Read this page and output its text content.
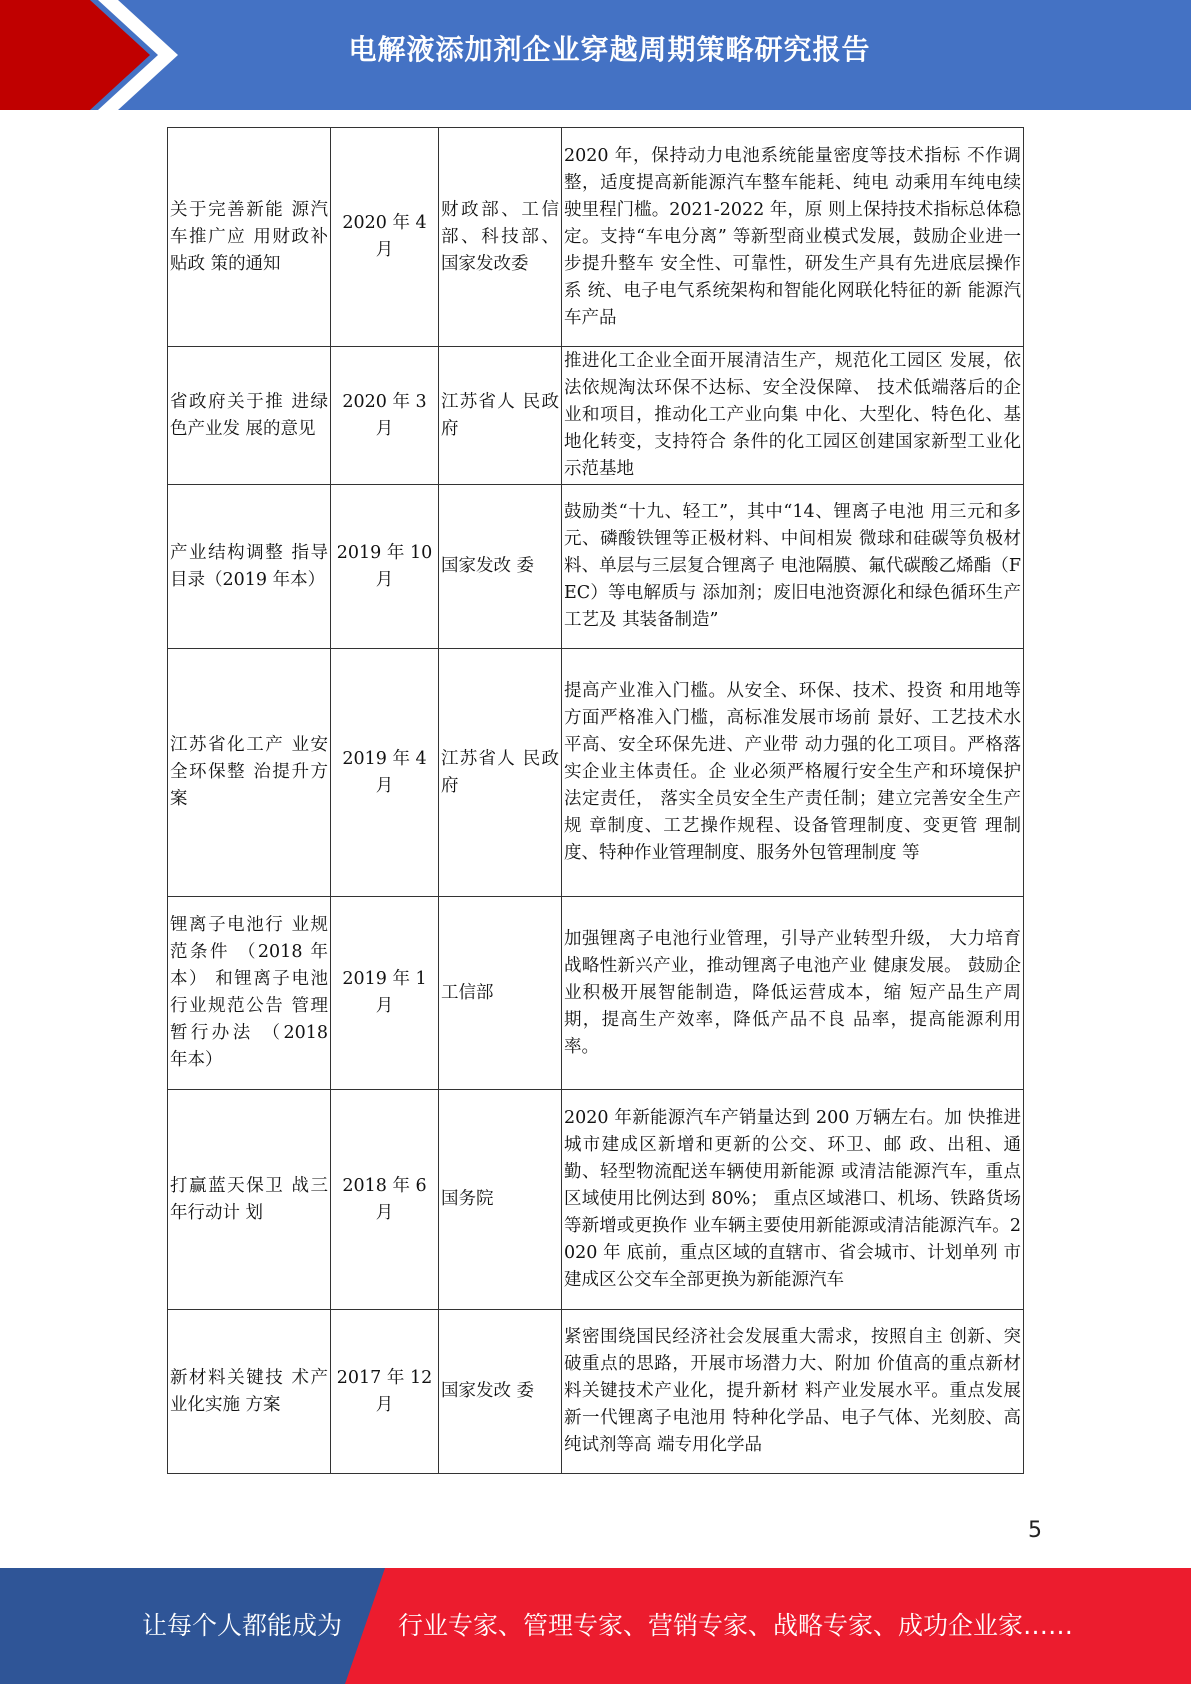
电解液添加剂企业穿越周期策略研究报告
关于完善新能 源汽车推广应 用财政补贴政 策的通知	2020 年 4 月	财政部、工信部、科技部、国家发改委	2020 年，保持动力电池系统能量密度等技术指标 不作调整，适度提高新能源汽车整车能耗、纯电 动乘用车纯电续驶里程门槛。2021-2022 年，原 则上保持技术指标总体稳定。支持“车电分离” 等新型商业模式发展，鼓励企业进一步提升整车 安全性、可靠性，研发生产具有先进底层操作系 统、电子电气系统架构和智能化网联化特征的新 能源汽车产品
省政府关于推 进绿色产业发 展的意见	2020 年 3 月	江苏省人 民政府	推进化工企业全面开展清洁生产，规范化工园区 发展，依法依规淘汰环保不达标、安全没保障、 技术低端落后的企业和项目，推动化工产业向集 中化、大型化、特色化、基地化转变，支持符合 条件的化工园区创建国家新型工业化示范基地
产业结构调整 指导目录（2019 年本）	2019 年 10 月	国家发改 委	鼓励类“十九、轻工”，其中“14、锂离子电池 用三元和多元、磷酸铁锂等正极材料、中间相炭 微球和硅碳等负极材料、单层与三层复合锂离子 电池隔膜、氟代碳酸乙烯酯（FEC）等电解质与 添加剂；废旧电池资源化和绿色循环生产工艺及 其装备制造”
江苏省化工产 业安全环保整 治提升方案	2019 年 4 月	江苏省人 民政府	提高产业准入门槛。从安全、环保、技术、投资 和用地等方面严格准入门槛，高标准发展市场前 景好、工艺技术水平高、安全环保先进、产业带 动力强的化工项目。严格落实企业主体责任。企 业必须严格履行安全生产和环境保护法定责任， 落实全员安全生产责任制；建立完善安全生产规 章制度、工艺操作规程、设备管理制度、变更管 理制度、特种作业管理制度、服务外包管理制度 等
锂离子电池行 业规范条件 （2018 年本） 和锂离子电池 行业规范公告 管理暂行办法 （2018 年本）	2019 年 1 月	工信部	加强锂离子电池行业管理，引导产业转型升级， 大力培育战略性新兴产业，推动锂离子电池产业 健康发展。 鼓励企业积极开展智能制造，降低运营成本，缩 短产品生产周期，提高生产效率，降低产品不良 品率，提高能源利用率。
打赢蓝天保卫 战三年行动计 划	2018 年 6 月	国务院	2020 年新能源汽车产销量达到 200 万辆左右。加 快推进城市建成区新增和更新的公交、环卫、邮 政、出租、通勤、轻型物流配送车辆使用新能源 或清洁能源汽车，重点区域使用比例达到 80%； 重点区域港口、机场、铁路货场等新增或更换作 业车辆主要使用新能源或清洁能源汽车。2020 年 底前，重点区域的直辖市、省会城市、计划单列 市建成区公交车全部更换为新能源汽车
新材料关键技 术产业化实施 方案	2017 年 12 月	国家发改 委	紧密围绕国民经济社会发展重大需求，按照自主 创新、突破重点的思路，开展市场潜力大、附加 价值高的重点新材料关键技术产业化，提升新材 料产业发展水平。重点发展新一代锂离子电池用 特种化学品、电子气体、光刻胶、高纯试剂等高 端专用化学品
5
让每个人都能成为 行业专家、管理专家、营销专家、战略专家、成功企业家……
